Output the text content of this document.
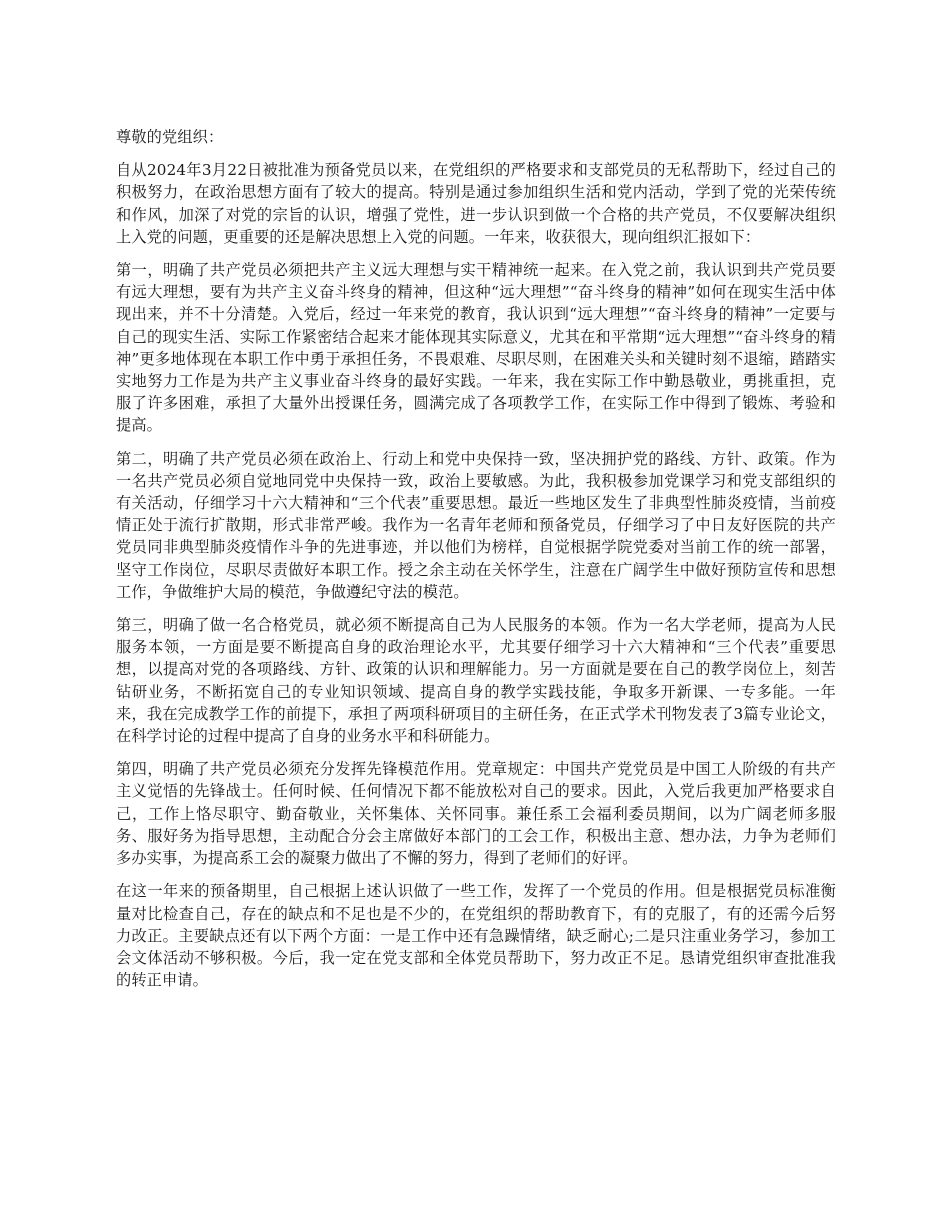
尊敬的党组织：

自从2024年3月22日被批准为预备党员以来，在党组织的严格要求和支部党员的无私帮助下，经过自己的积极努力，在政治思想方面有了较大的提高。特别是通过参加组织生活和党内活动，学到了党的光荣传统和作风，加深了对党的宗旨的认识，增强了党性，进一步认识到做一个合格的共产党员，不仅要解决组织上入党的问题，更重要的还是解决思想上入党的问题。一年来，收获很大，现向组织汇报如下：

第一，明确了共产党员必须把共产主义远大理想与实干精神统一起来。在入党之前，我认识到共产党员要有远大理想，要有为共产主义奋斗终身的精神，但这种“远大理想”“奋斗终身的精神”如何在现实生活中体现出来，并不十分清楚。入党后，经过一年来党的教育，我认识到“远大理想”“奋斗终身的精神”一定要与自己的现实生活、实际工作紧密结合起来才能体现其实际意义，尤其在和平常期“远大理想”“奋斗终身的精神”更多地体现在本职工作中勇于承担任务，不畏艰难、尽职尽则，在困难关头和关键时刻不退缩，踏踏实实地努力工作是为共产主义事业奋斗终身的最好实践。一年来，我在实际工作中勤恳敬业，勇挑重担，克服了许多困难，承担了大量外出授课任务，圆满完成了各项教学工作，在实际工作中得到了锻炼、考验和提高。

第二，明确了共产党员必须在政治上、行动上和党中央保持一致，坚决拥护党的路线、方针、政策。作为一名共产党员必须自觉地同党中央保持一致，政治上要敏感。为此，我积极参加党课学习和党支部组织的有关活动，仔细学习十六大精神和“三个代表”重要思想。最近一些地区发生了非典型性肺炎疫情，当前疫情正处于流行扩散期，形式非常严峻。我作为一名青年老师和预备党员，仔细学习了中日友好医院的共产党员同非典型肺炎疫情作斗争的先进事迹，并以他们为榜样，自觉根据学院党委对当前工作的统一部署，坚守工作岗位，尽职尽责做好本职工作。授之余主动在关怀学生，注意在广阔学生中做好预防宣传和思想工作，争做维护大局的模范，争做遵纪守法的模范。

第三，明确了做一名合格党员，就必须不断提高自己为人民服务的本领。作为一名大学老师，提高为人民服务本领，一方面是要不断提高自身的政治理论水平，尤其要仔细学习十六大精神和“三个代表”重要思想，以提高对党的各项路线、方针、政策的认识和理解能力。另一方面就是要在自己的教学岗位上，刻苦钻研业务，不断拓宽自己的专业知识领域、提高自身的教学实践技能，争取多开新课、一专多能。一年来，我在完成教学工作的前提下，承担了两项科研项目的主研任务，在正式学术刊物发表了3篇专业论文，在科学讨论的过程中提高了自身的业务水平和科研能力。

第四，明确了共产党员必须充分发挥先锋模范作用。党章规定：中国共产党党员是中国工人阶级的有共产主义觉悟的先锋战士。任何时候、任何情况下都不能放松对自己的要求。因此，入党后我更加严格要求自己，工作上恪尽职守、勤奋敬业，关怀集体、关怀同事。兼任系工会福利委员期间，以为广阔老师多服务、服好务为指导思想，主动配合分会主席做好本部门的工会工作，积极出主意、想办法，力争为老师们多办实事，为提高系工会的凝聚力做出了不懈的努力，得到了老师们的好评。

在这一年来的预备期里，自己根据上述认识做了一些工作，发挥了一个党员的作用。但是根据党员标准衡量对比检查自己，存在的缺点和不足也是不少的，在党组织的帮助教育下，有的克服了，有的还需今后努力改正。主要缺点还有以下两个方面：一是工作中还有急躁情绪，缺乏耐心;二是只注重业务学习，参加工会文体活动不够积极。今后，我一定在党支部和全体党员帮助下，努力改正不足。恳请党组织审查批准我的转正申请。
